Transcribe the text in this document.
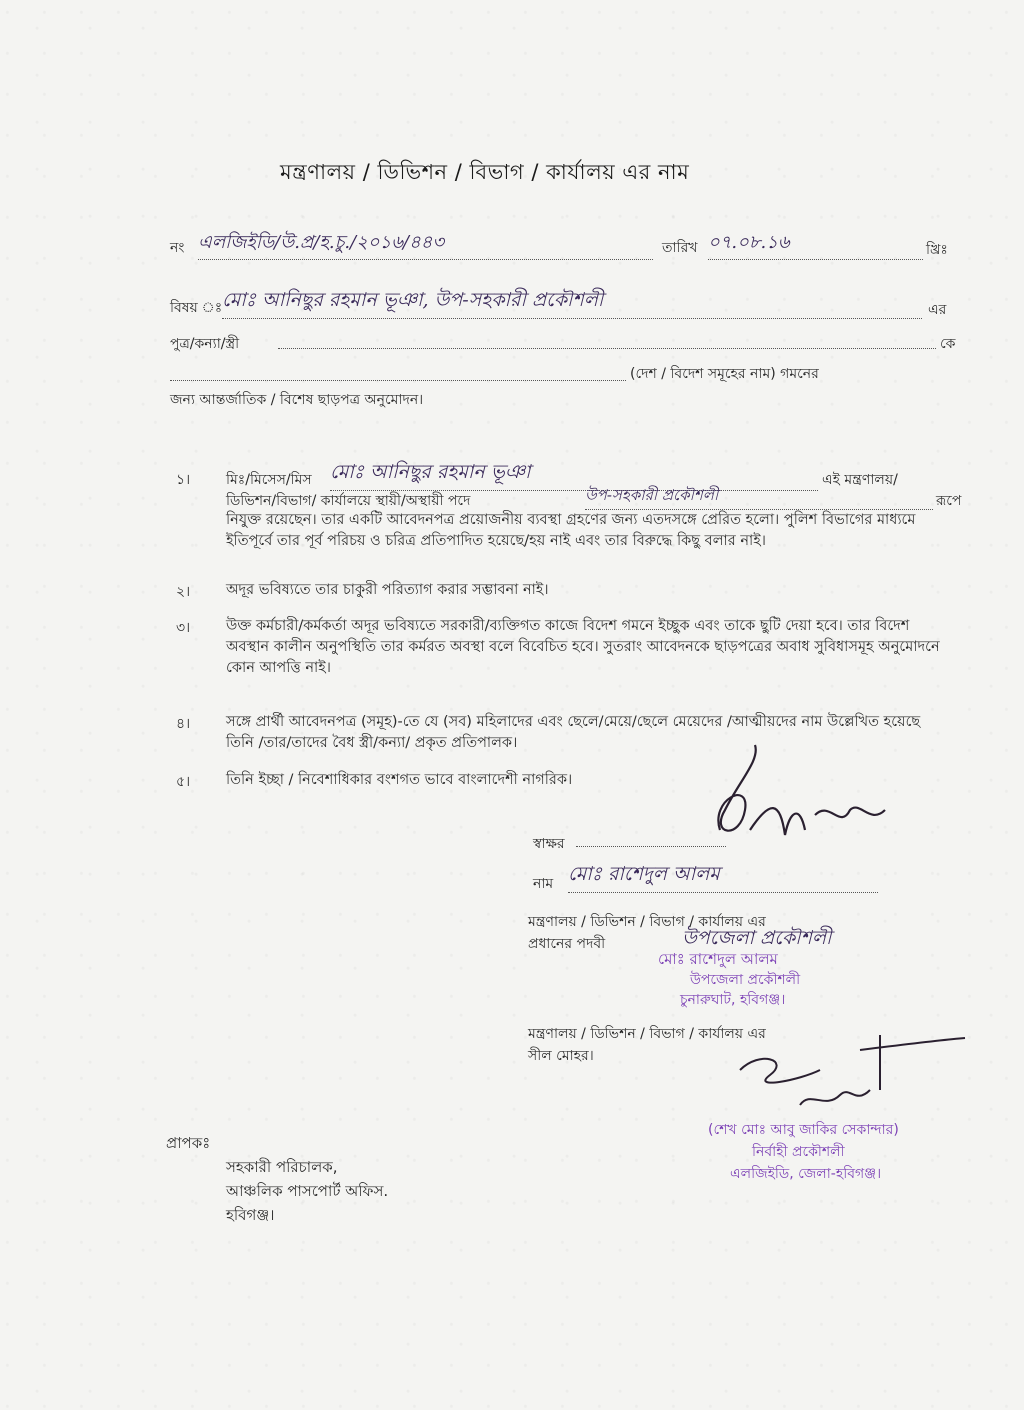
মন্ত্রণালয় / ডিভিশন / বিভাগ / কার্যালয় এর নাম
নং এলজিইডি/উ.প্র/হ.চু./২০১৬/৪৪৩	তারিখ ০৭.০৮.১৬	খ্রিঃ
বিষয় ঃ মোঃ আনিছুর রহমান ভূঞা, উপ-সহকারী প্রকৌশলী	এর
পুত্র/কন্যা/স্ত্রী	কে
(দেশ / বিদেশ সমূহের নাম) গমনের
জন্য আন্তর্জাতিক / বিশেষ ছাড়পত্র অনুমোদন।
১।	মিঃ/মিসেস/মিস মোঃ আনিছুর রহমান ভূঞা	এই মন্ত্রণালয়/
ডিভিশন/বিভাগ/ কার্যালয়ে স্থায়ী/অস্থায়ী পদে	উপ-সহকারী প্রকৌশলী	রূপে
নিযুক্ত রয়েছেন। তার একটি আবেদনপত্র প্রয়োজনীয় ব্যবস্থা গ্রহণের জন্য এতদসঙ্গে প্রেরিত হলো। পুলিশ বিভাগের মাধ্যমে ইতিপূর্বে তার পূর্ব পরিচয় ও চরিত্র প্রতিপাদিত হয়েছে/হয় নাই এবং তার বিরুদ্ধে কিছু বলার নাই।
২। অদূর ভবিষ্যতে তার চাকুরী পরিত্যাগ করার সম্ভাবনা নাই।
৩। উক্ত কর্মচারী/কর্মকর্তা অদূর ভবিষ্যতে সরকারী/ব্যক্তিগত কাজে বিদেশ গমনে ইচ্ছুক এবং তাকে ছুটি দেয়া হবে। তার বিদেশ অবস্থান কালীন অনুপস্থিতি তার কর্মরত অবস্থা বলে বিবেচিত হবে। সুতরাং আবেদনকে ছাড়পত্রের অবাধ সুবিধাসমূহ অনুমোদনে কোন আপত্তি নাই।
৪। সঙ্গে প্রার্থী আবেদনপত্র (সমূহ)-তে যে (সব) মহিলাদের এবং ছেলে/মেয়ে/ছেলে মেয়েদের /আত্মীয়দের নাম উল্লেখিত হয়েছে তিনি /তার/তাদের বৈধ স্ত্রী/কন্যা/ প্রকৃত প্রতিপালক।
৫। তিনি ইচ্ছা / নিবেশাধিকার বংশগত ভাবে বাংলাদেশী নাগরিক।
স্বাক্ষর
নাম মোঃ রাশেদুল আলম
মন্ত্রণালয় / ডিভিশন / বিভাগ / কার্যালয় এর
প্রধানের পদবী	উপজেলা প্রকৌশলী
মোঃ রাশেদুল আলম
উপজেলা প্রকৌশলী
চুনারুঘাট, হবিগঞ্জ।
মন্ত্রণালয় / ডিভিশন / বিভাগ / কার্যালয় এর
সীল মোহর।
(শেখ মোঃ আবু জাকির সেকান্দার)
নির্বাহী প্রকৌশলী
এলজিইডি, জেলা-হবিগঞ্জ।
প্রাপকঃ
সহকারী পরিচালক,
আঞ্চলিক পাসপোর্ট অফিস.
হবিগঞ্জ।
